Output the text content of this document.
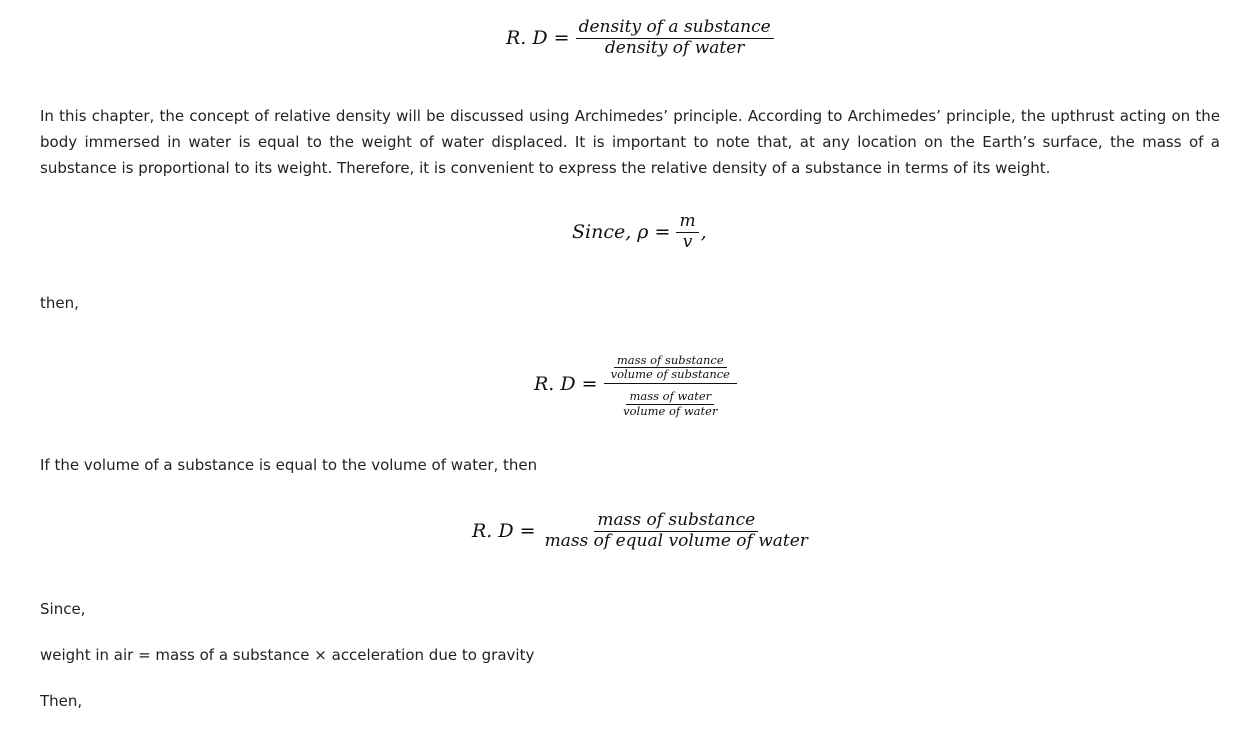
R. $D = \frac{\text{density of a substance}}{\text{density of water}}$

In this chapter, the concept of relative density will be discussed using Archimedes’ principle. According to Archimedes’ principle, the upthrust acting on the body immersed in water is equal to the weight of water displaced. It is important to note that, at any location on the Earth’s surface, the mass of a substance is proportional to its weight. Therefore, it is convenient to express the relative density of a substance in terms of its weight.

Since, $\rho = \frac{m}{v}$ ,
then,
R. $D = \frac{\frac{\text{mass of substance}}{\text{volume of substance}}}{\frac{\text{mass of water}}{\text{volume of water}}}$
If the volume of a substance is equal to the volume of water, then
R. $D = \frac{\text{mass of substance}}{\text{mass of equal volume of water}}$
Since,
weight in air = mass of a substance × acceleration due to gravity
Then,
